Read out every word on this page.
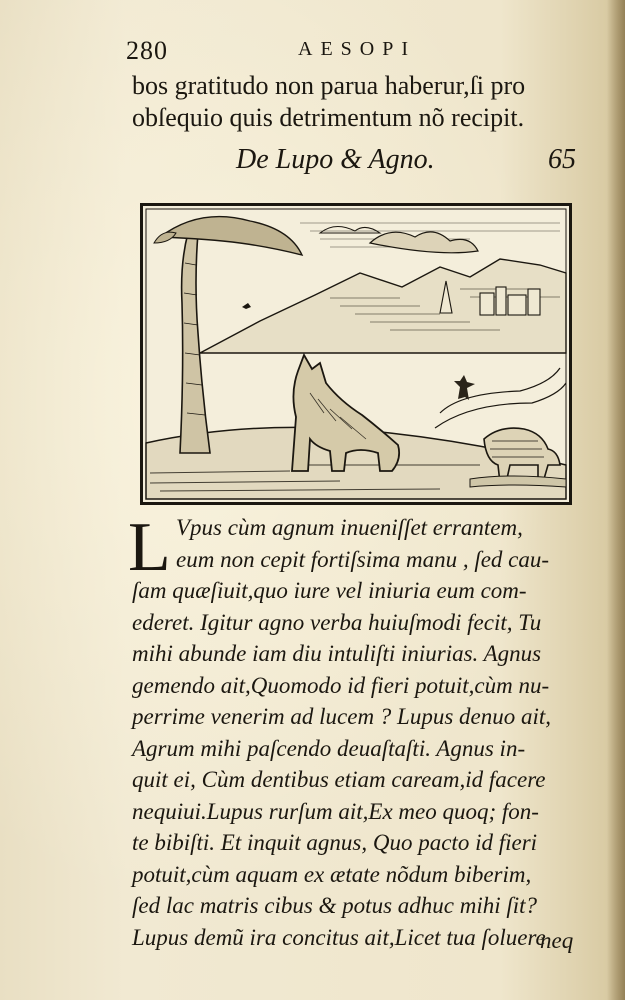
280	AESOPI
bos gratitudo non parua haberur,ſi pro
obſequio quis detrimentum nõ recipit.
De Lupo & Agno.	65
L Vpus cùm agnum inueniſſet errantem,
eum non cepit fortiſsima manu , ſed cau-
ſam quæſiuit,quo iure vel iniuria eum com-
ederet. Igitur agno verba huiuſmodi fecit, Tu
mihi abunde iam diu intuliſti iniurias. Agnus
gemendo ait,Quomodo id fieri potuit,cùm nu-
perrime venerim ad lucem ? Lupus denuo ait,
Agrum mihi paſcendo deuaſtaſti. Agnus in-
quit ei, Cùm dentibus etiam caream,id facere
nequiui.Lupus rurſum ait,Ex meo quoq; fon-
te bibiſti. Et inquit agnus, Quo pacto id fieri
potuit,cùm aquam ex ætate nõdum biberim,
ſed lac matris cibus & potus adhuc mihi ſit?
Lupus demũ ira concitus ait,Licet tua ſoluere
neq
